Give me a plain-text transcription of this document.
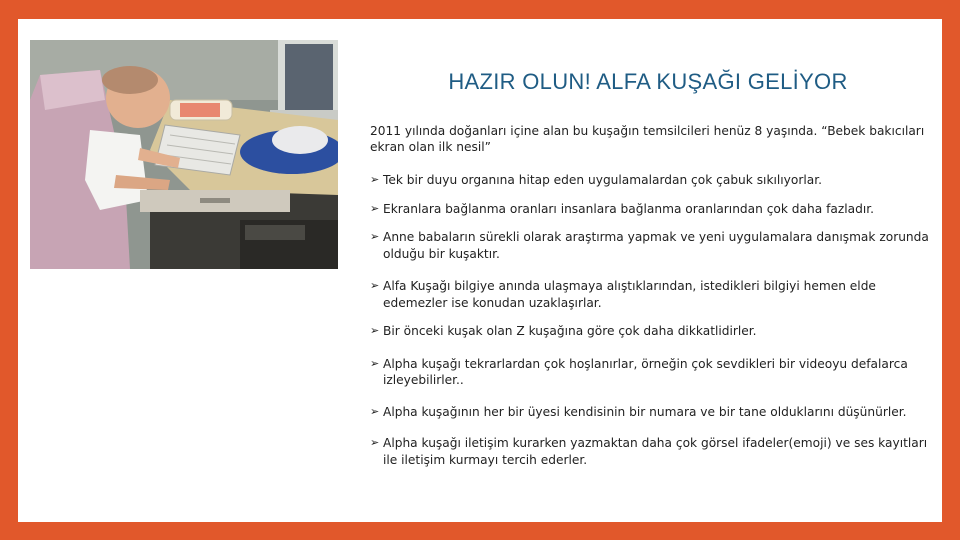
HAZIR OLUN! ALFA KUŞAĞI GELİYOR
2011 yılında doğanları içine alan bu kuşağın temsilcileri henüz 8 yaşında. “Bebek bakıcıları ekran olan ilk nesil”
➢ Tek bir duyu organına hitap eden uygulamalardan çok çabuk sıkılıyorlar.
➢ Ekranlara bağlanma oranları insanlara bağlanma oranlarından çok daha fazladır.
➢ Anne babaların sürekli olarak araştırma yapmak ve yeni uygulamalara danışmak zorunda olduğu bir kuşaktır.
➢ Alfa Kuşağı bilgiye anında ulaşmaya alıştıklarından, istedikleri bilgiyi hemen elde edemezler ise konudan uzaklaşırlar.
➢ Bir önceki kuşak olan Z kuşağına göre çok daha dikkatlidirler.
➢ Alpha kuşağı tekrarlardan çok hoşlanırlar, örneğin çok sevdikleri bir videoyu defalarca izleyebilirler..
➢ Alpha kuşağının her bir üyesi kendisinin bir numara ve bir tane olduklarını düşünürler.
➢ Alpha kuşağı iletişim kurarken yazmaktan daha çok görsel ifadeler(emoji) ve ses kayıtları ile iletişim kurmayı tercih ederler.
